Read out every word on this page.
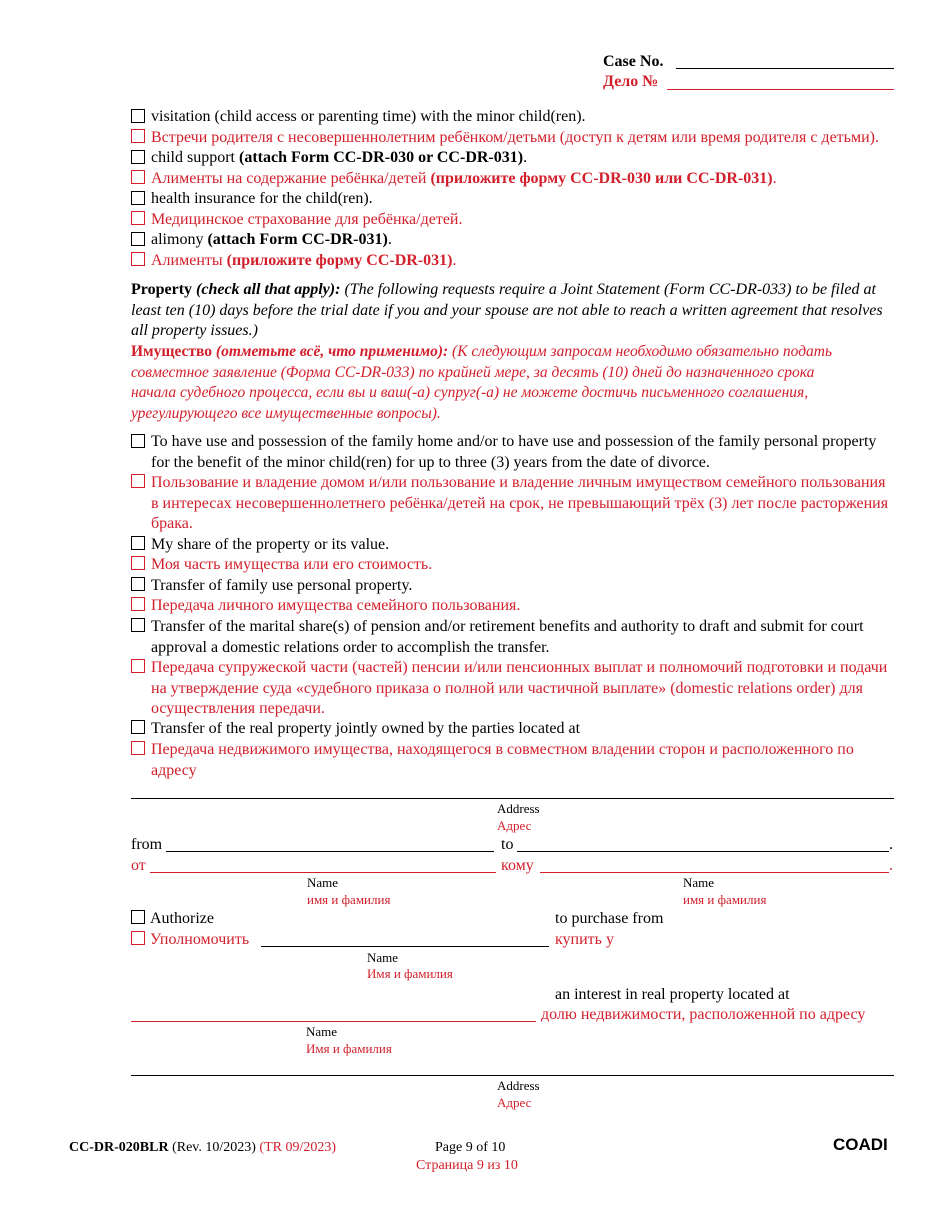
Case No.
Дело №
visitation (child access or parenting time) with the minor child(ren).
Встречи родителя с несовершеннолетним ребёнком/детьми (доступ к детям или время родителя с детьми).
child support (attach Form CC-DR-030 or CC-DR-031).
Алименты на содержание ребёнка/детей (приложите форму CC-DR-030 или CC-DR-031).
health insurance for the child(ren).
Медицинское страхование для ребёнка/детей.
alimony (attach Form CC-DR-031).
Алименты (приложите форму CC-DR-031).
Property (check all that apply): (The following requests require a Joint Statement (Form CC-DR-033) to be filed at least ten (10) days before the trial date if you and your spouse are not able to reach a written agreement that resolves all property issues.)
Имущество (отметьте всё, что применимо): (К следующим запросам необходимо обязательно подать совместное заявление (Форма CC-DR-033) по крайней мере, за десять (10) дней до назначенного срока начала судебного процесса, если вы и ваш(-а) супруг(-а) не можете достичь письменного соглашения, урегулирующего все имущественные вопросы).
To have use and possession of the family home and/or to have use and possession of the family personal property for the benefit of the minor child(ren) for up to three (3) years from the date of divorce.
Пользование и владение домом и/или пользование и владение личным имуществом семейного пользования в интересах несовершеннолетнего ребёнка/детей на срок, не превышающий трёх (3) лет после расторжения брака.
My share of the property or its value.
Моя часть имущества или его стоимость.
Transfer of family use personal property.
Передача личного имущества семейного пользования.
Transfer of the marital share(s) of pension and/or retirement benefits and authority to draft and submit for court approval a domestic relations order to accomplish the transfer.
Передача супружеской части (частей) пенсии и/или пенсионных выплат и полномочий подготовки и подачи на утверждение суда «судебного приказа о полной или частичной выплате» (domestic relations order) для осуществления передачи.
Transfer of the real property jointly owned by the parties located at
Передача недвижимого имущества, находящегося в совместном владении сторон и расположенного по адресу
Address
Адрес
from	to	.
от	кому	.
Name
имя и фамилия
Name
имя и фамилия
Authorize	to purchase from
Уполномочить	купить у
Name
Имя и фамилия
an interest in real property located at
долю недвижимости, расположенной по адресу
Name
Имя и фамилия
Address
Адрес
CC-DR-020BLR (Rev. 10/2023) (TR 09/2023)	Page 9 of 10
Страница 9 из 10
COADI
